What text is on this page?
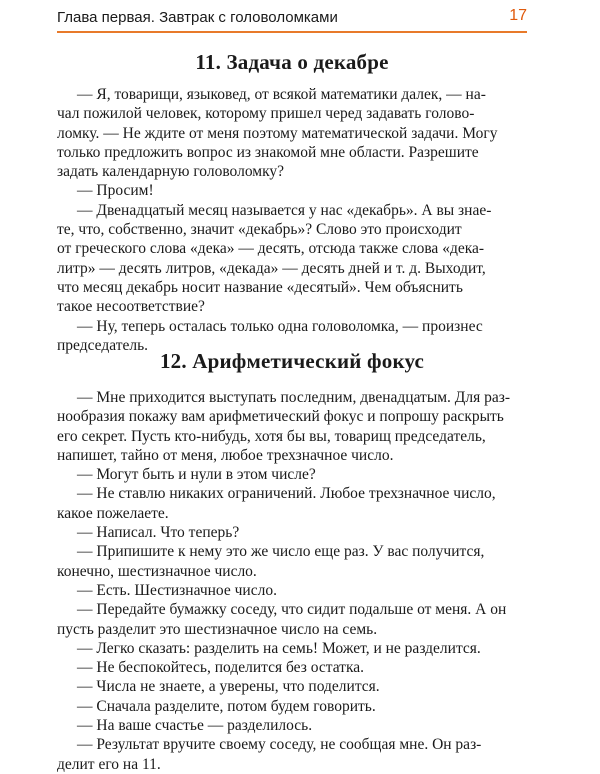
Глава первая. Завтрак с головоломками	17
11. Задача о декабре
— Я, товарищи, языковед, от всякой математики далек, — на-
чал пожилой человек, которому пришел черед задавать голово-
ломку. — Не ждите от меня поэтому математической задачи. Могу
только предложить вопрос из знакомой мне области. Разрешите
задать календарную головоломку?
— Просим!
— Двенадцатый месяц называется у нас «декабрь». А вы знае-
те, что, собственно, значит «декабрь»? Слово это происходит
от греческого слова «дека» — десять, отсюда также слова «дека-
литр» — десять литров, «декада» — десять дней и т. д. Выходит,
что месяц декабрь носит название «десятый». Чем объяснить
такое несоответствие?
— Ну, теперь осталась только одна головоломка, — произнес
председатель.
12. Арифметический фокус
— Мне приходится выступать последним, двенадцатым. Для раз-
нообразия покажу вам арифметический фокус и попрошу раскрыть
его секрет. Пусть кто-нибудь, хотя бы вы, товарищ председатель,
напишет, тайно от меня, любое трехзначное число.
— Могут быть и нули в этом числе?
— Не ставлю никаких ограничений. Любое трехзначное число,
какое пожелаете.
— Написал. Что теперь?
— Припишите к нему это же число еще раз. У вас получится,
конечно, шестизначное число.
— Есть. Шестизначное число.
— Передайте бумажку соседу, что сидит подальше от меня. А он
пусть разделит это шестизначное число на семь.
— Легко сказать: разделить на семь! Может, и не разделится.
— Не беспокойтесь, поделится без остатка.
— Числа не знаете, а уверены, что поделится.
— Сначала разделите, потом будем говорить.
— На ваше счастье — разделилось.
— Результат вручите своему соседу, не сообщая мне. Он раз-
делит его на 11.
